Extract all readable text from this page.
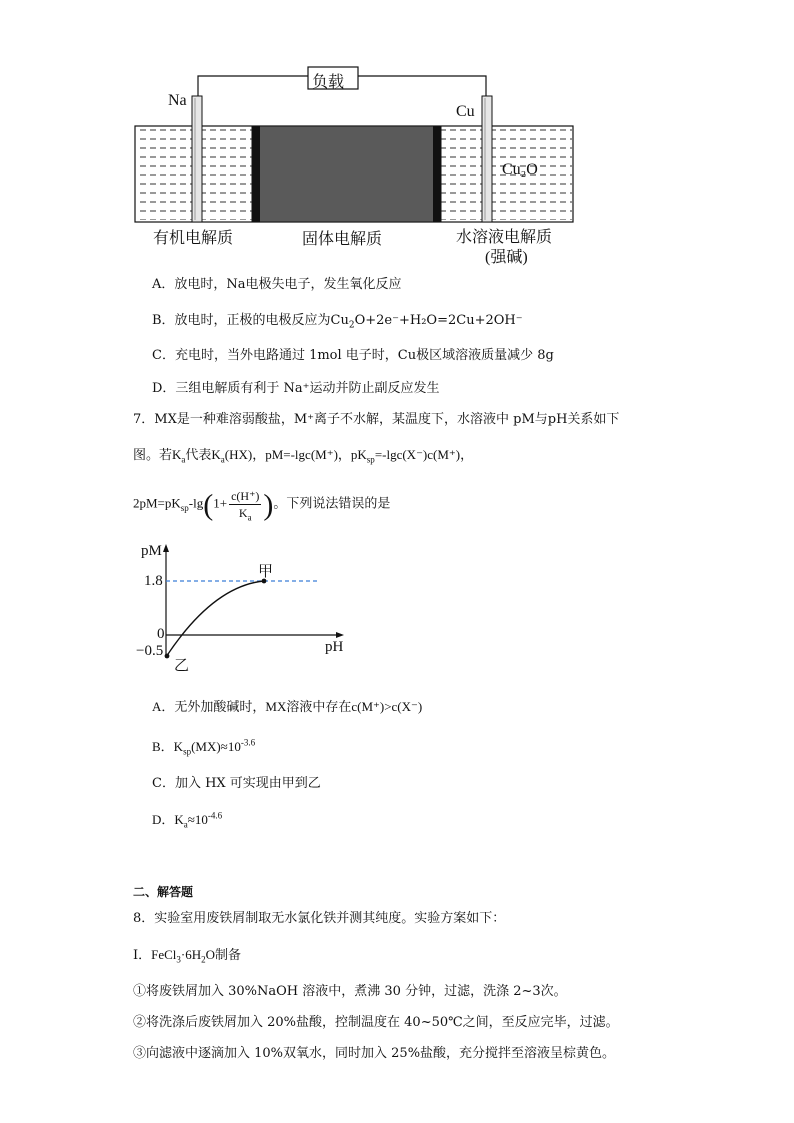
负载
Na
Cu
Cu₂O
有机电解质	固体电解质	水溶液电解质
(强碱)
A．放电时，Na电极失电子，发生氧化反应
B．放电时，正极的电极反应为$Cu_2O+2e^-+H_2O=2Cu+2OH^-$
C．充电时，当外电路通过 1mol 电子时，Cu极区域溶液质量减少 8g
D．三组电解质有利于 Na⁺运动并防止副反应发生
7．MX是一种难溶弱酸盐，M⁺离子不水解，某温度下，水溶液中 pM与pH关系如下
图。若$K_a$代表$K_a(HX)$，pM=-lgc(M⁺)，$pK_{sp}=-\lg c(X^-)c(M^+)$，
$2pM=pK_{sp}-\lg(1+ \frac{c(H^+)}{K_a}$ )。下列说法错误的是
pM
pH
1.8
0
−0.5
甲
乙
A．无外加酸碱时，MX溶液中存在c(M⁺)>c(X⁻)
B．$K_{sp}(MX)\approx 10^{-3.6}$
C．加入 HX 可实现由甲到乙
D．$K_a\approx 10^{-4.6}$
二、解答题
8．实验室用废铁屑制取无水氯化铁并测其纯度。实验方案如下：
Ⅰ．$FeCl_3\cdot 6H_2O$制备
①将废铁屑加入 30%NaOH 溶液中，煮沸 30 分钟，过滤，洗涤 2~3次。
②将洗涤后废铁屑加入 20%盐酸，控制温度在 40~50℃之间，至反应完毕，过滤。
③向滤液中逐滴加入 10%双氧水，同时加入 25%盐酸，充分搅拌至溶液呈棕黄色。
